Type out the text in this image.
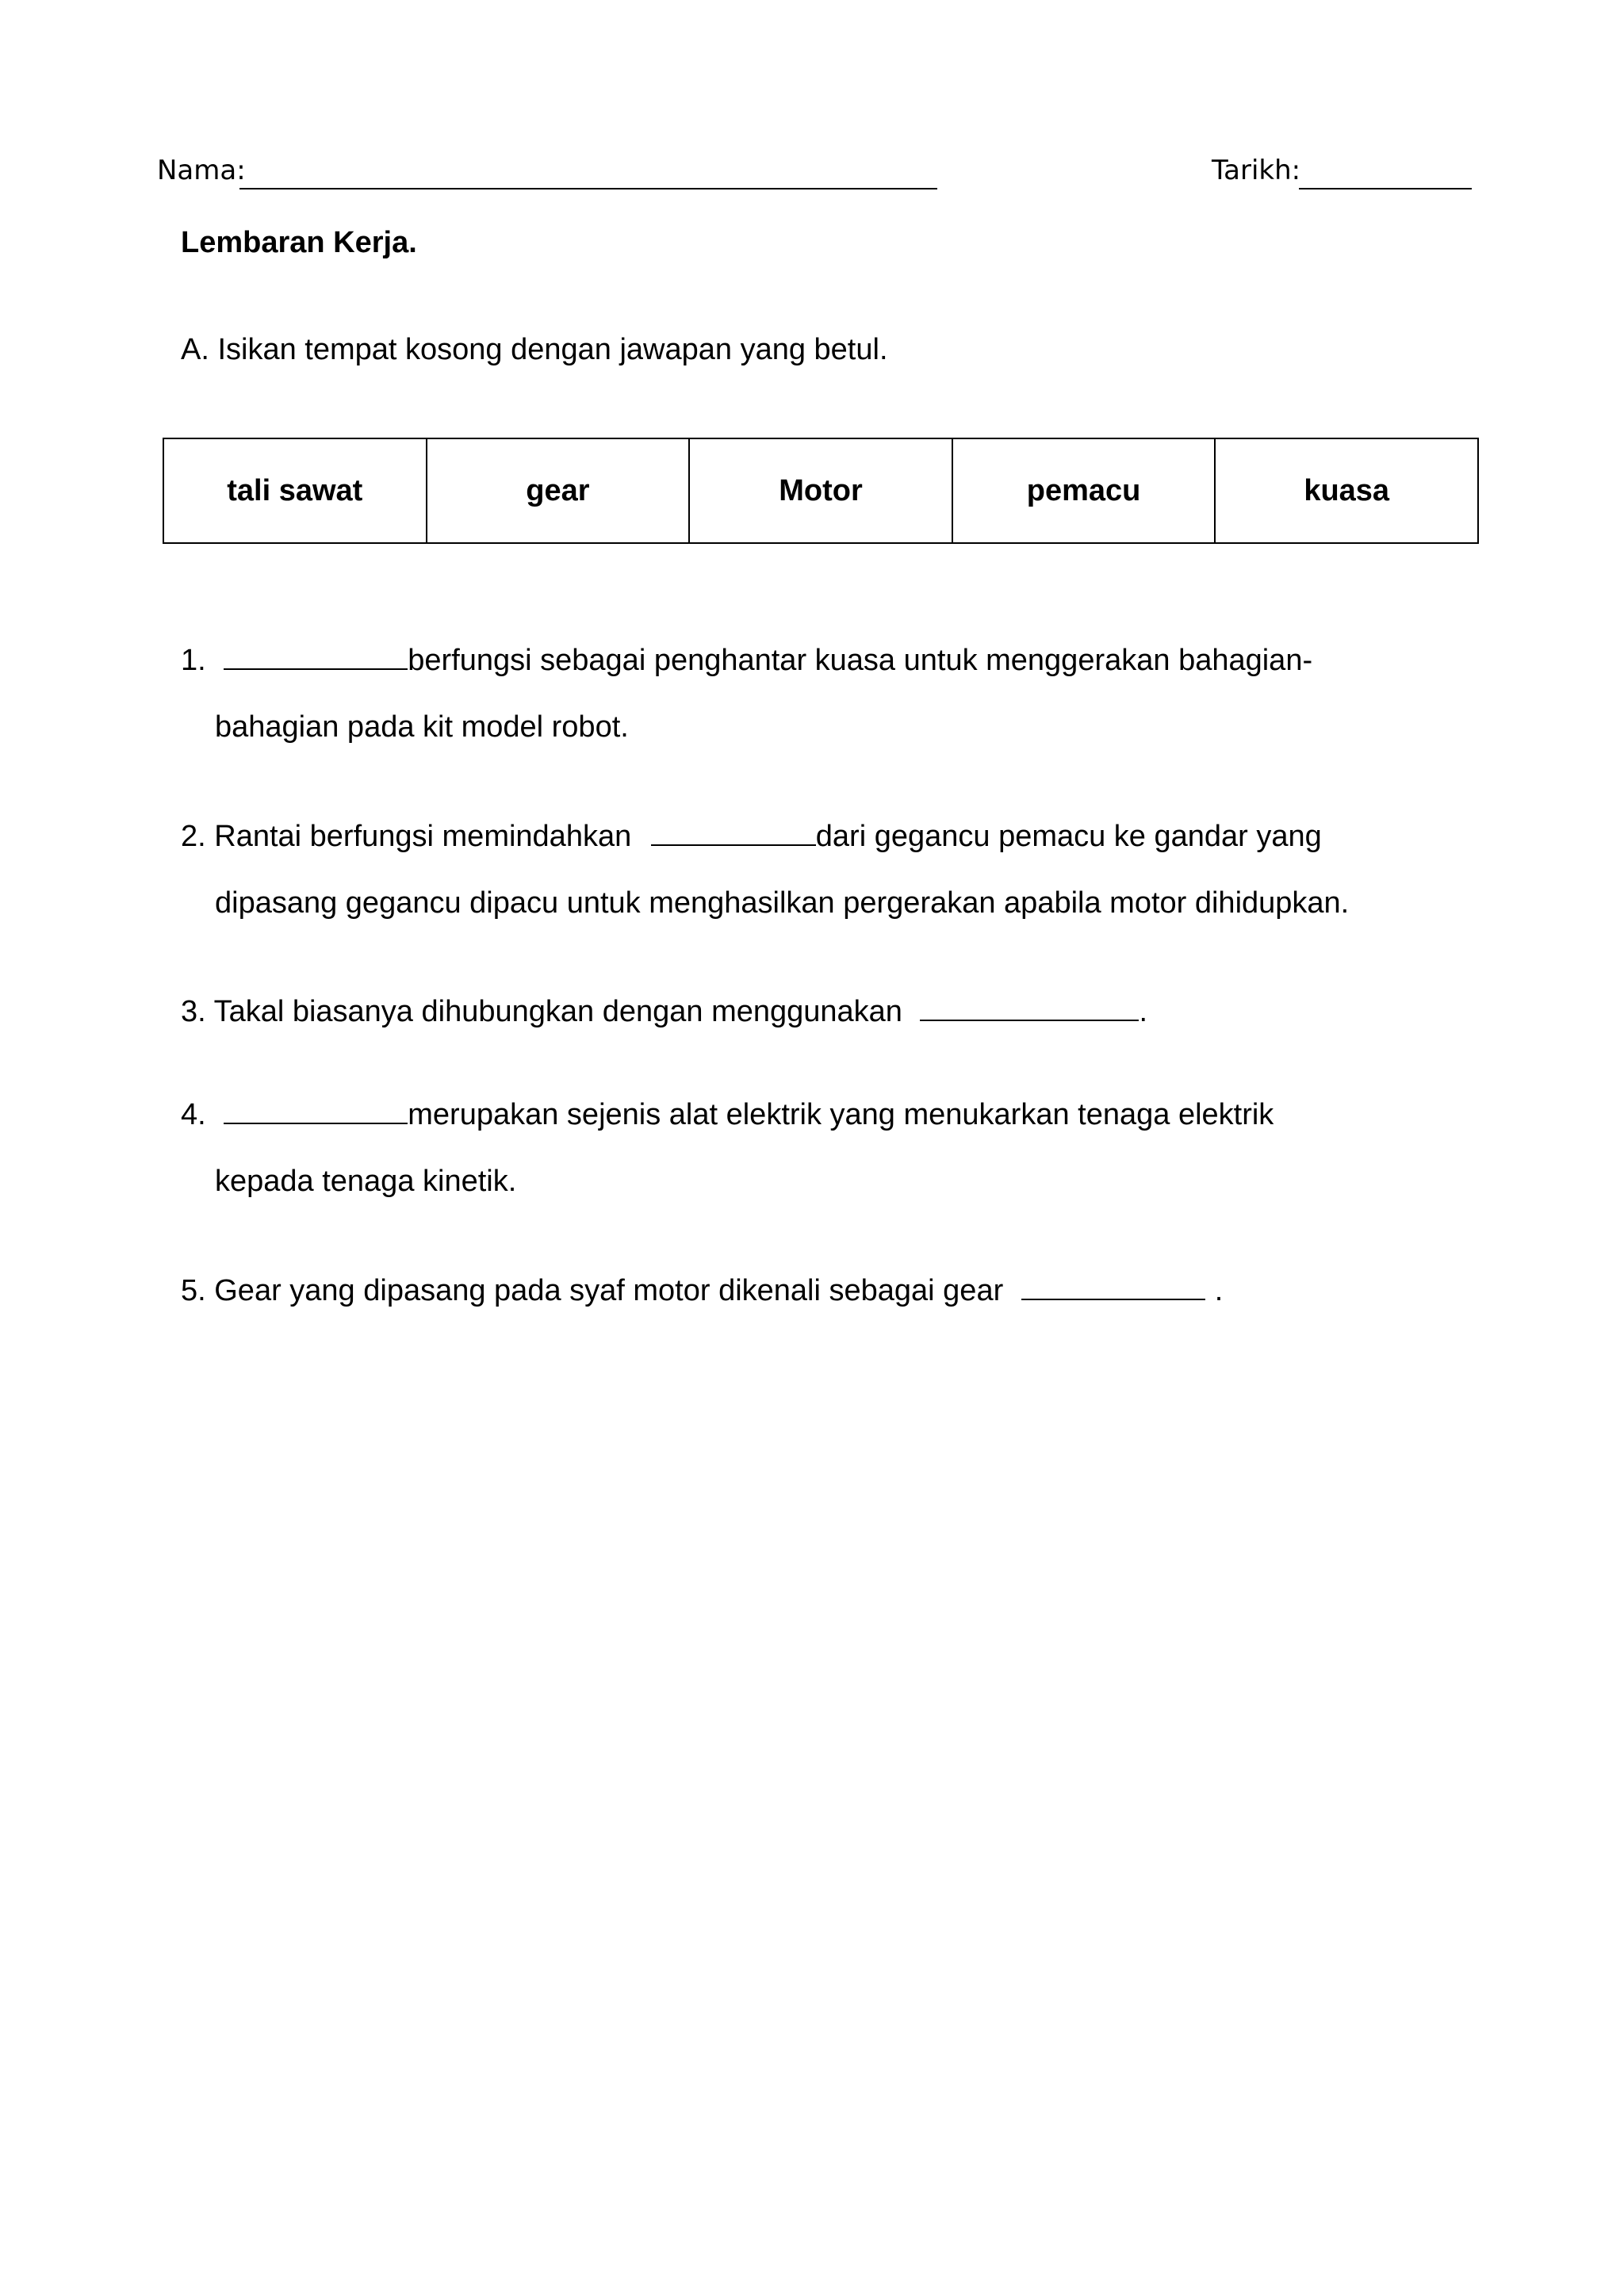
Nama:	Tarikh:
Lembaran Kerja.
A. Isikan tempat kosong dengan jawapan yang betul.
tali sawat	gear	Motor	pemacu	kuasa
1.	berfungsi sebagai penghantar kuasa untuk menggerakan bahagian-
bahagian pada kit model robot.
2. Rantai berfungsi memindahkan	dari gegancu pemacu ke gandar yang
dipasang gegancu dipacu untuk menghasilkan pergerakan apabila motor dihidupkan.
3. Takal biasanya dihubungkan dengan menggunakan	.
4.	merupakan sejenis alat elektrik yang menukarkan tenaga elektrik
kepada tenaga kinetik.
5. Gear yang dipasang pada syaf motor dikenali sebagai gear	.
